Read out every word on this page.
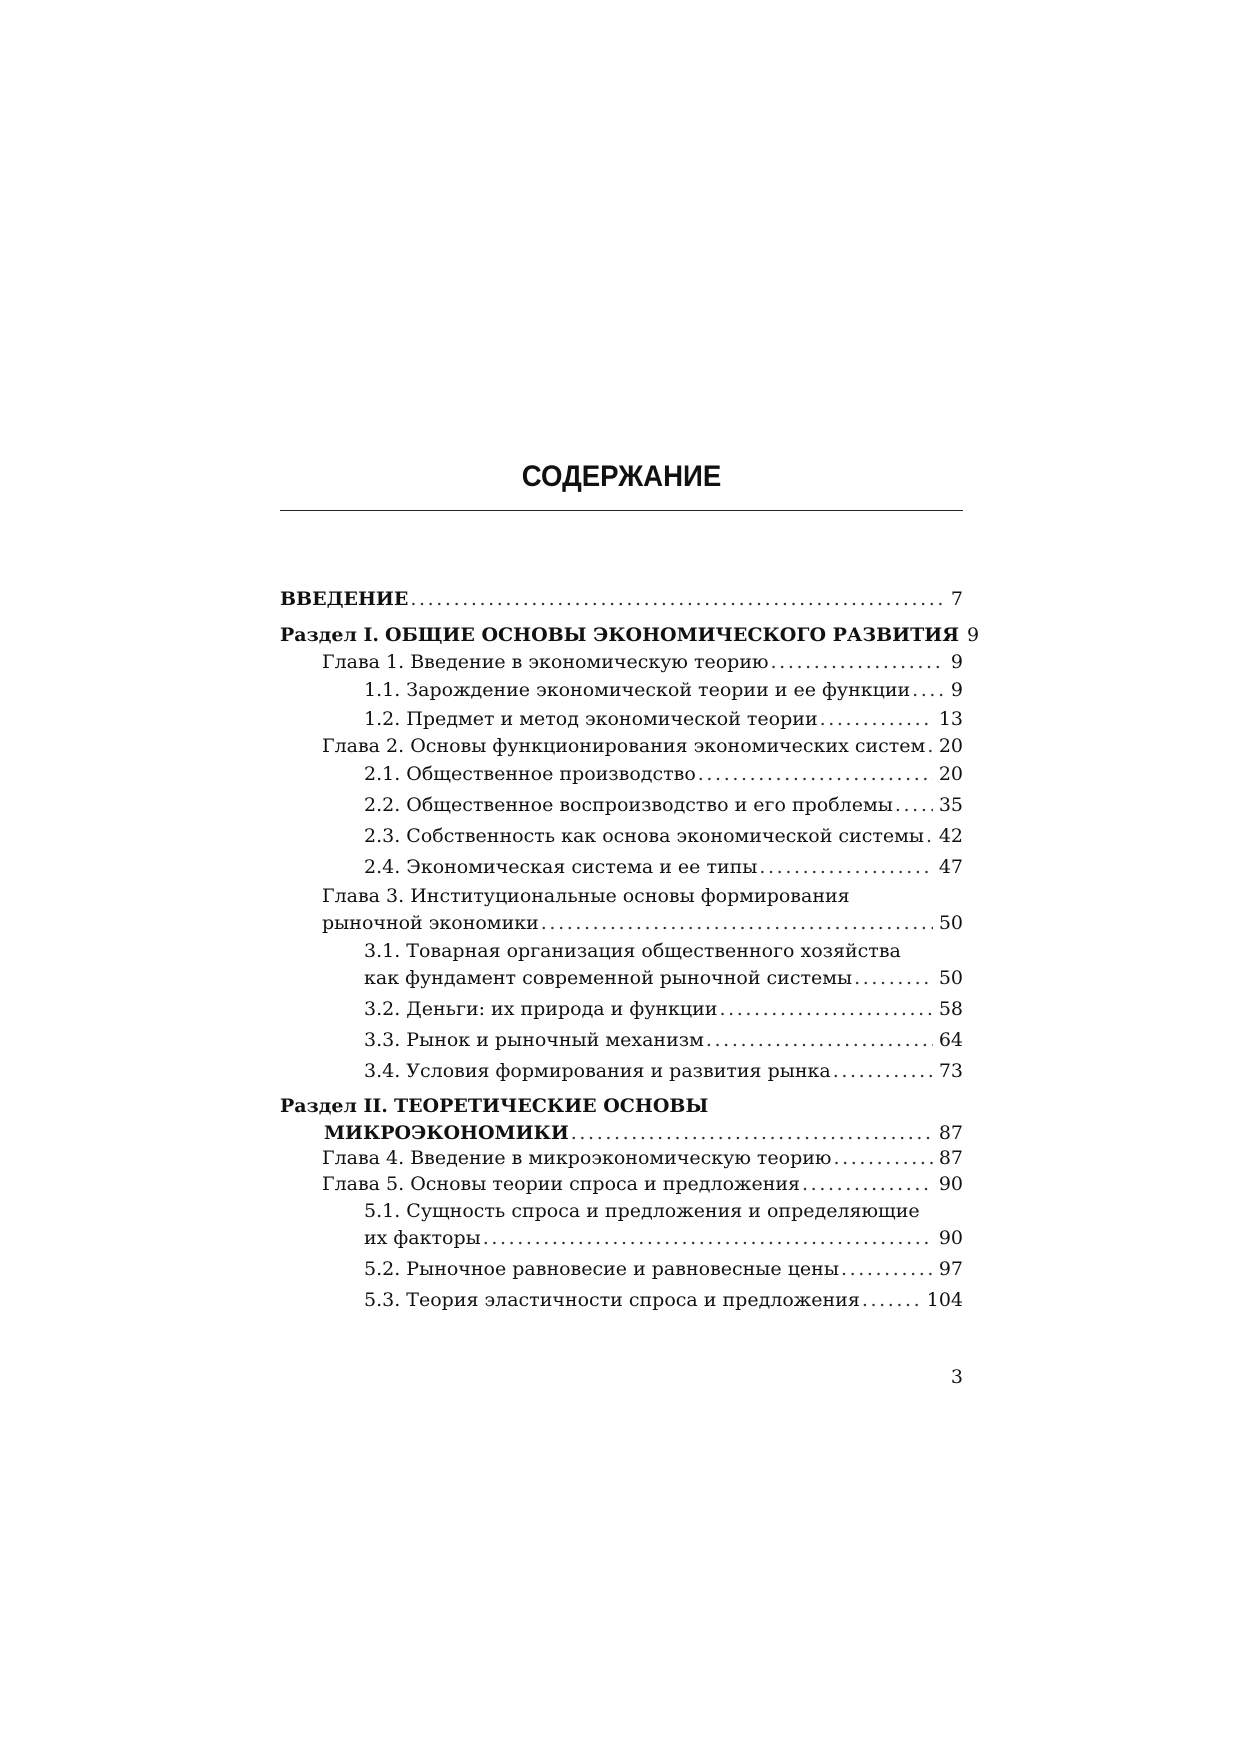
СОДЕРЖАНИЕ
ВВЕДЕНИЕ .....	7
Раздел I. ОБЩИЕ ОСНОВЫ ЭКОНОМИЧЕСКОГО РАЗВИТИЯ 9
Глава 1. Введение в экономическую теорию .....	9
1.1. Зарождение экономической теории и ее функции ..... 9
1.2. Предмет и метод экономической теории .....	13
Глава 2. Основы функционирования экономических систем ..... 20
2.1. Общественное производство .....	20
2.2. Общественное воспроизводство и его проблемы ..... 35
2.3. Собственность как основа экономической системы ..... 42
2.4. Экономическая система и ее типы .....	47
Глава 3. Институциональные основы формирования
рыночной экономики .....	50
3.1. Товарная организация общественного хозяйства
как фундамент современной рыночной системы .....	50
3.2. Деньги: их природа и функции .....	58
3.3. Рынок и рыночный механизм .....	64
3.4. Условия формирования и развития рынка .....	73
Раздел II. ТЕОРЕТИЧЕСКИЕ ОСНОВЫ
МИКРОЭКОНОМИКИ .....	87
Глава 4. Введение в микроэкономическую теорию .....	87
Глава 5. Основы теории спроса и предложения .....	90
5.1. Сущность спроса и предложения и определяющие
их факторы .....	90
5.2. Рыночное равновесие и равновесные цены .....	97
5.3. Теория эластичности спроса и предложения .....	104
3
